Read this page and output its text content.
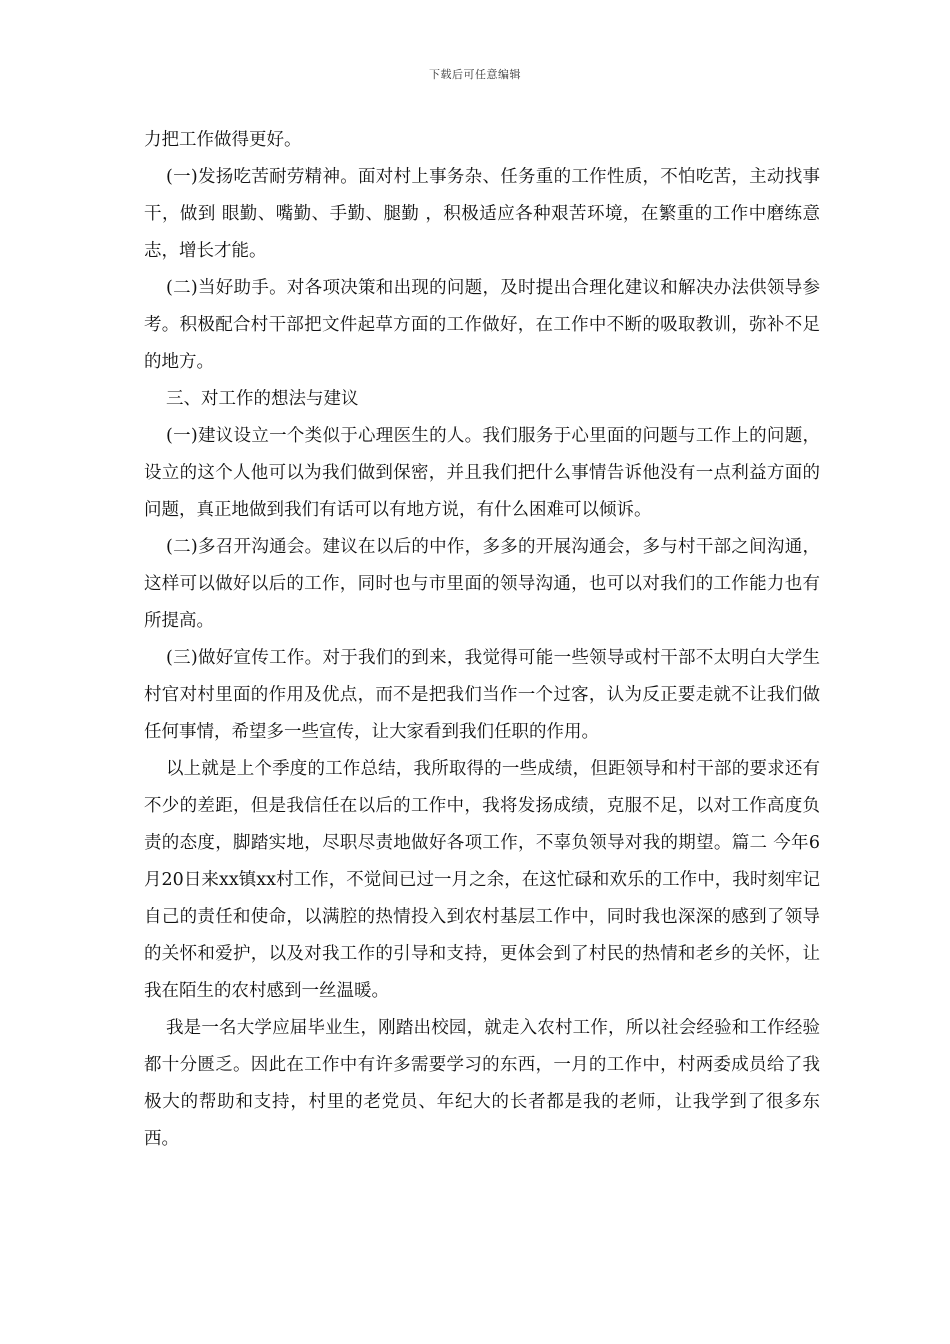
下载后可任意编辑

力把工作做得更好。

(一)发扬吃苦耐劳精神。面对村上事务杂、任务重的工作性质，不怕吃苦，主动找事干，做到 眼勤、嘴勤、手勤、腿勤 ，积极适应各种艰苦环境，在繁重的工作中磨练意志，增长才能。

(二)当好助手。对各项决策和出现的问题，及时提出合理化建议和解决办法供领导参考。积极配合村干部把文件起草方面的工作做好，在工作中不断的吸取教训，弥补不足的地方。

三、对工作的想法与建议

(一)建议设立一个类似于心理医生的人。我们服务于心里面的问题与工作上的问题，设立的这个人他可以为我们做到保密，并且我们把什么事情告诉他没有一点利益方面的问题，真正地做到我们有话可以有地方说，有什么困难可以倾诉。

(二)多召开沟通会。建议在以后的中作，多多的开展沟通会，多与村干部之间沟通，这样可以做好以后的工作，同时也与市里面的领导沟通，也可以对我们的工作能力也有所提高。

(三)做好宣传工作。对于我们的到来，我觉得可能一些领导或村干部不太明白大学生村官对村里面的作用及优点，而不是把我们当作一个过客，认为反正要走就不让我们做任何事情，希望多一些宣传，让大家看到我们任职的作用。

以上就是上个季度的工作总结，我所取得的一些成绩，但距领导和村干部的要求还有不少的差距，但是我信任在以后的工作中，我将发扬成绩，克服不足，以对工作高度负责的态度，脚踏实地，尽职尽责地做好各项工作，不辜负领导对我的期望。篇二 今年6月20日来xx镇xx村工作，不觉间已过一月之余，在这忙碌和欢乐的工作中，我时刻牢记自己的责任和使命，以满腔的热情投入到农村基层工作中，同时我也深深的感到了领导的关怀和爱护，以及对我工作的引导和支持，更体会到了村民的热情和老乡的关怀，让我在陌生的农村感到一丝温暖。

我是一名大学应届毕业生，刚踏出校园，就走入农村工作，所以社会经验和工作经验都十分匮乏。因此在工作中有许多需要学习的东西，一月的工作中，村两委成员给了我极大的帮助和支持，村里的老党员、年纪大的长者都是我的老师，让我学到了很多东西。
